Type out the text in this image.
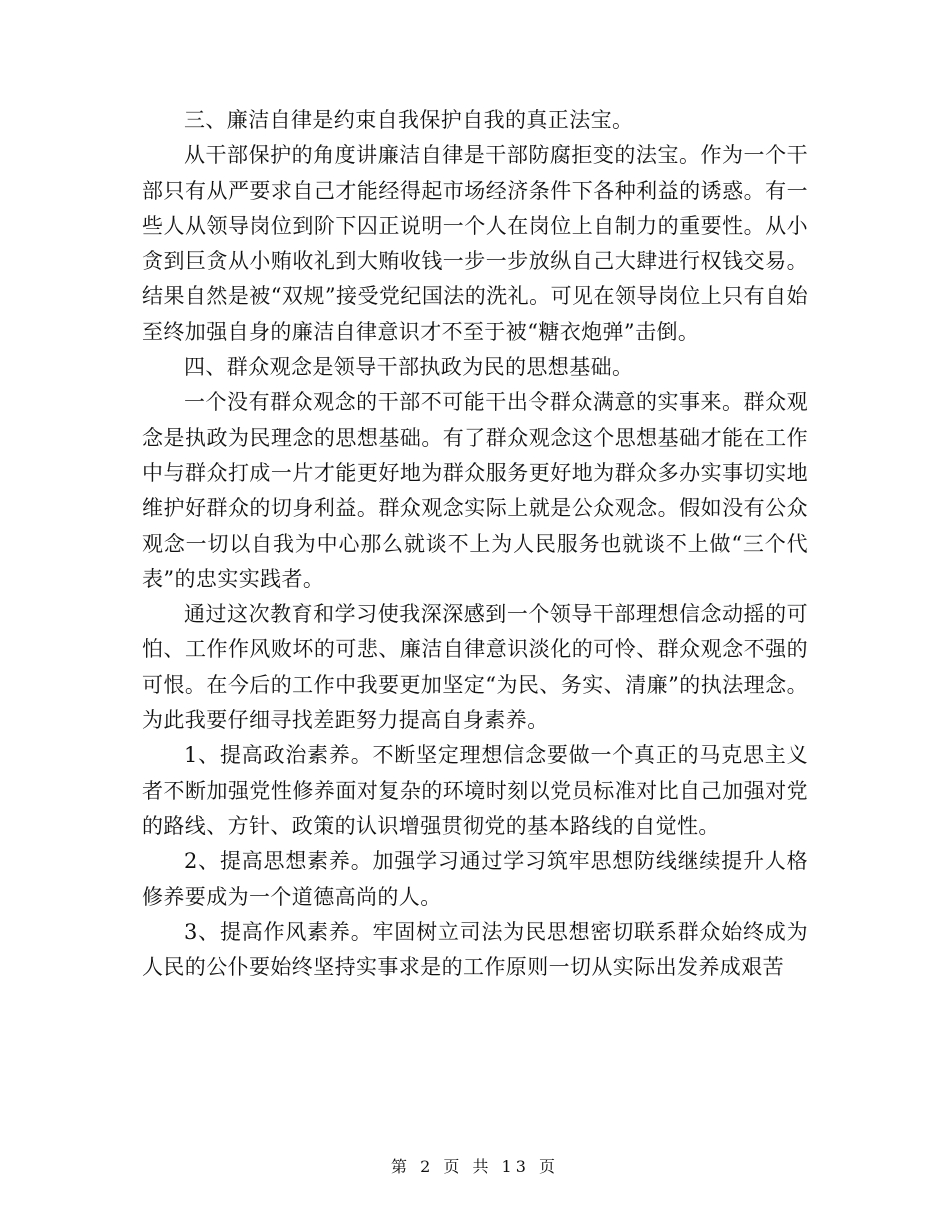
三、廉洁自律是约束自我保护自我的真正法宝。

从干部保护的角度讲廉洁自律是干部防腐拒变的法宝。作为一个干部只有从严要求自己才能经得起市场经济条件下各种利益的诱惑。有一些人从领导岗位到阶下囚正说明一个人在岗位上自制力的重要性。从小贪到巨贪从小贿收礼到大贿收钱一步一步放纵自己大肆进行权钱交易。结果自然是被“双规”接受党纪国法的洗礼。可见在领导岗位上只有自始至终加强自身的廉洁自律意识才不至于被“糖衣炮弹”击倒。

四、群众观念是领导干部执政为民的思想基础。

一个没有群众观念的干部不可能干出令群众满意的实事来。群众观念是执政为民理念的思想基础。有了群众观念这个思想基础才能在工作中与群众打成一片才能更好地为群众服务更好地为群众多办实事切实地维护好群众的切身利益。群众观念实际上就是公众观念。假如没有公众观念一切以自我为中心那么就谈不上为人民服务也就谈不上做“三个代表”的忠实实践者。

通过这次教育和学习使我深深感到一个领导干部理想信念动摇的可怕、工作作风败坏的可悲、廉洁自律意识淡化的可怜、群众观念不强的可恨。在今后的工作中我要更加坚定“为民、务实、清廉”的执法理念。为此我要仔细寻找差距努力提高自身素养。

1、提高政治素养。不断坚定理想信念要做一个真正的马克思主义者不断加强党性修养面对复杂的环境时刻以党员标准对比自己加强对党的路线、方针、政策的认识增强贯彻党的基本路线的自觉性。

2、提高思想素养。加强学习通过学习筑牢思想防线继续提升人格修养要成为一个道德高尚的人。

3、提高作风素养。牢固树立司法为民思想密切联系群众始终成为人民的公仆要始终坚持实事求是的工作原则一切从实际出发养成艰苦

第 2 页 共 13 页
